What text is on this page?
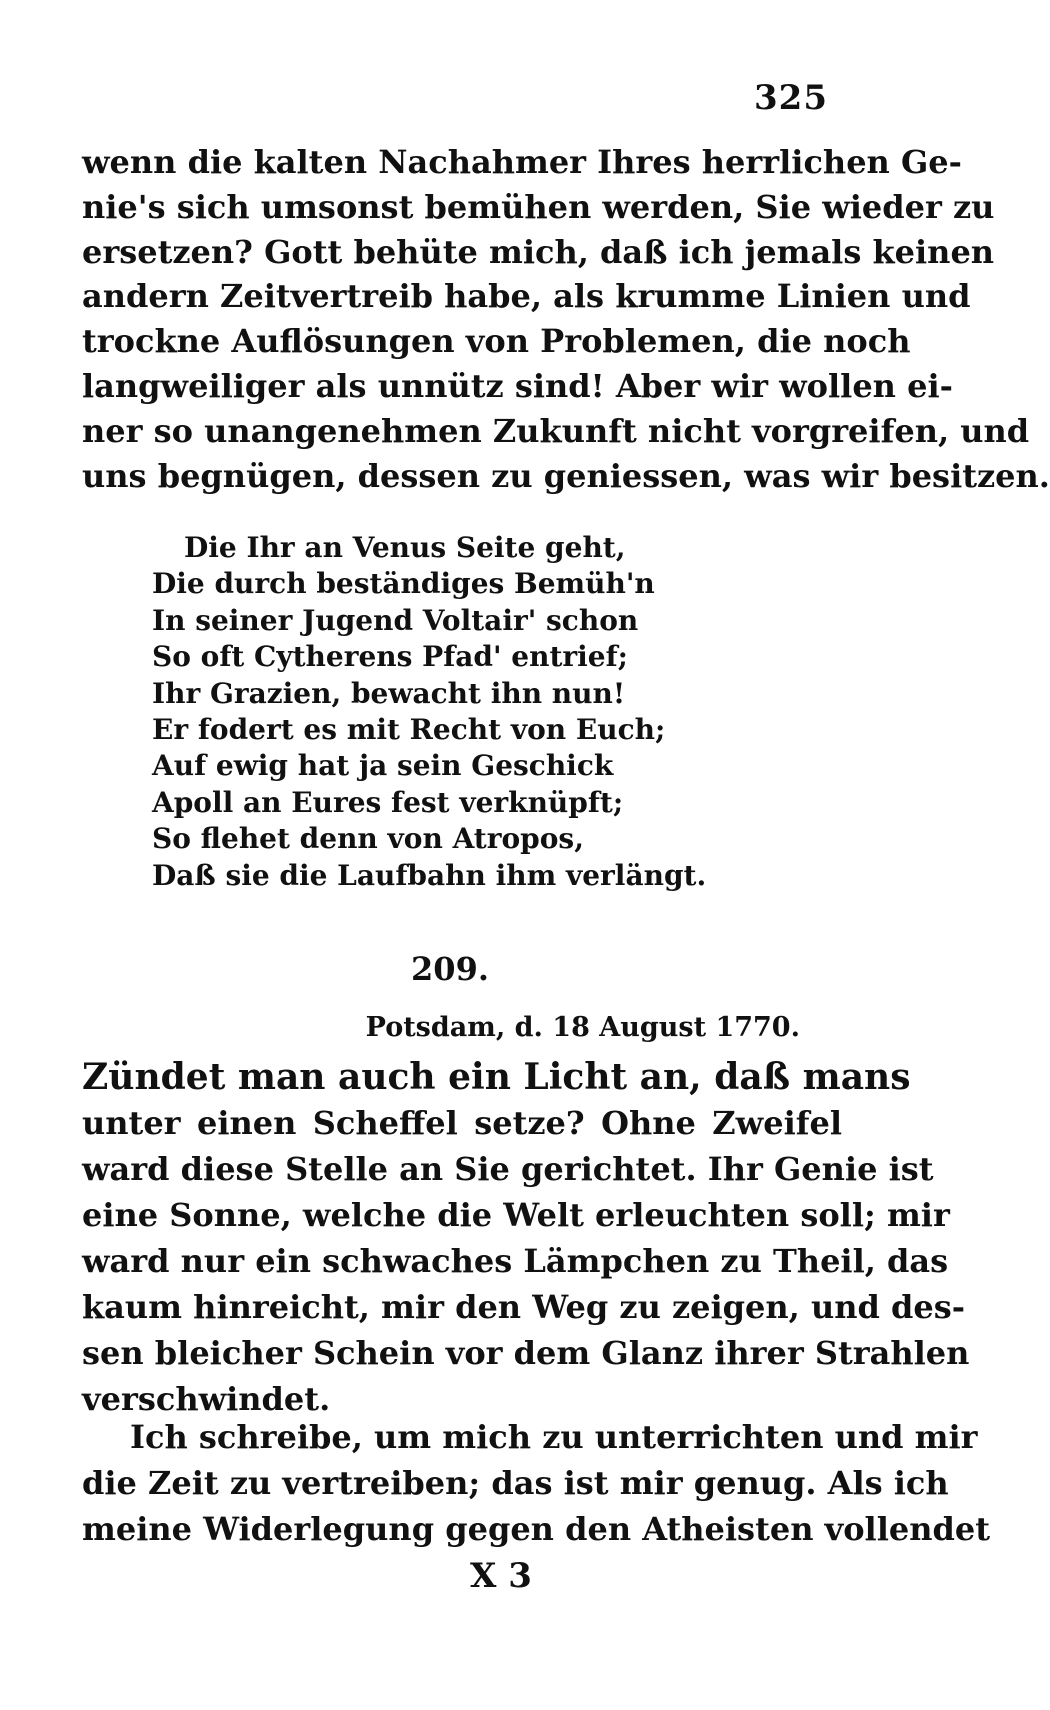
325
wenn die kalten Nachahmer Ihres herrlichen Ge-
nie's sich umsonst bemühen werden, Sie wieder zu
ersetzen? Gott behüte mich, daß ich jemals keinen
andern Zeitvertreib habe, als krumme Linien und
trockne Auflösungen von Problemen, die noch
langweiliger als unnütz sind! Aber wir wollen ei-
ner so unangenehmen Zukunft nicht vorgreifen, und
uns begnügen, dessen zu geniessen, was wir besitzen.
Die Ihr an Venus Seite geht,
Die durch beständiges Bemüh'n
In seiner Jugend Voltair' schon
So oft Cytherens Pfad' entrief;
Ihr Grazien, bewacht ihn nun!
Er fodert es mit Recht von Euch;
Auf ewig hat ja sein Geschick
Apoll an Eures fest verknüpft;
So flehet denn von Atropos,
Daß sie die Laufbahn ihm verlängt.
209.
Potsdam, d. 18 August 1770.
Zündet man auch ein Licht an, daß mans
unter einen Scheffel setze? Ohne Zweifel
ward diese Stelle an Sie gerichtet. Ihr Genie ist
eine Sonne, welche die Welt erleuchten soll; mir
ward nur ein schwaches Lämpchen zu Theil, das
kaum hinreicht, mir den Weg zu zeigen, und des-
sen bleicher Schein vor dem Glanz ihrer Strahlen
verschwindet.
Ich schreibe, um mich zu unterrichten und mir
die Zeit zu vertreiben; das ist mir genug. Als ich
meine Widerlegung gegen den Atheisten vollendet
X 3
